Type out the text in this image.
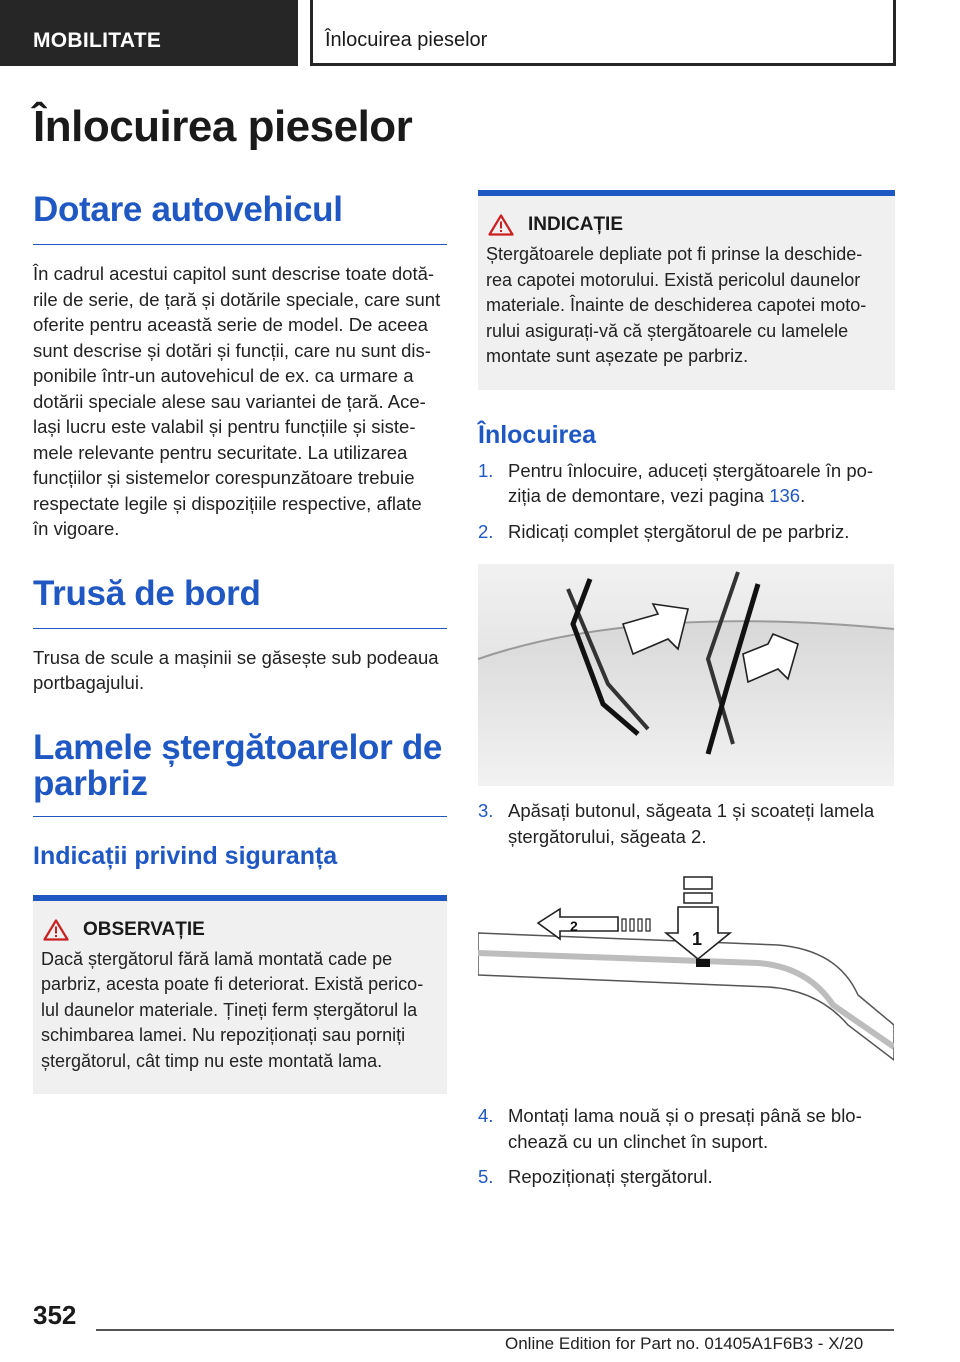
MOBILITATE	Înlocuirea pieselor
Înlocuirea pieselor
Dotare autovehicul
În cadrul acestui capitol sunt descrise toate dotă‐
rile de serie, de țară și dotările speciale, care sunt
oferite pentru această serie de model. De aceea
sunt descrise și dotări și funcții, care nu sunt dis‐
ponibile într-un autovehicul de ex. ca urmare a
dotării speciale alese sau variantei de țară. Ace‐
lași lucru este valabil și pentru funcțiile și siste‐
mele relevante pentru securitate. La utilizarea
funcțiilor și sistemelor corespunzătoare trebuie
respectate legile și dispozițiile respective, aflate
în vigoare.
Trusă de bord
Trusa de scule a mașinii se găsește sub podeaua
portbagajului.
Lamele ștergătoarelor de
parbriz
Indicații privind siguranța
OBSERVAȚIE
Dacă ștergătorul fără lamă montată cade pe
parbriz, acesta poate fi deteriorat. Există perico‐
lul daunelor materiale. Țineți ferm ștergătorul la
schimbarea lamei. Nu repoziționați sau porniți
ștergătorul, cât timp nu este montată lama.
INDICAȚIE
Ștergătoarele depliate pot fi prinse la deschide‐
rea capotei motorului. Există pericolul daunelor
materiale. Înainte de deschiderea capotei moto‐
rului asigurați-vă că ștergătoarele cu lamelele
montate sunt așezate pe parbriz.
Înlocuirea
1. Pentru înlocuire, aduceți ștergătoarele în po‐
ziția de demontare, vezi pagina 136.
2. Ridicați complet ștergătorul de pe parbriz.
3. Apăsați butonul, săgeata 1 și scoateți lamela
ștergătorului, săgeata 2.
1
2
4. Montați lama nouă și o presați până se blo‐
chează cu un clinchet în suport.
5. Repoziționați ștergătorul.
352
Online Edition for Part no. 01405A1F6B3 - X/20
